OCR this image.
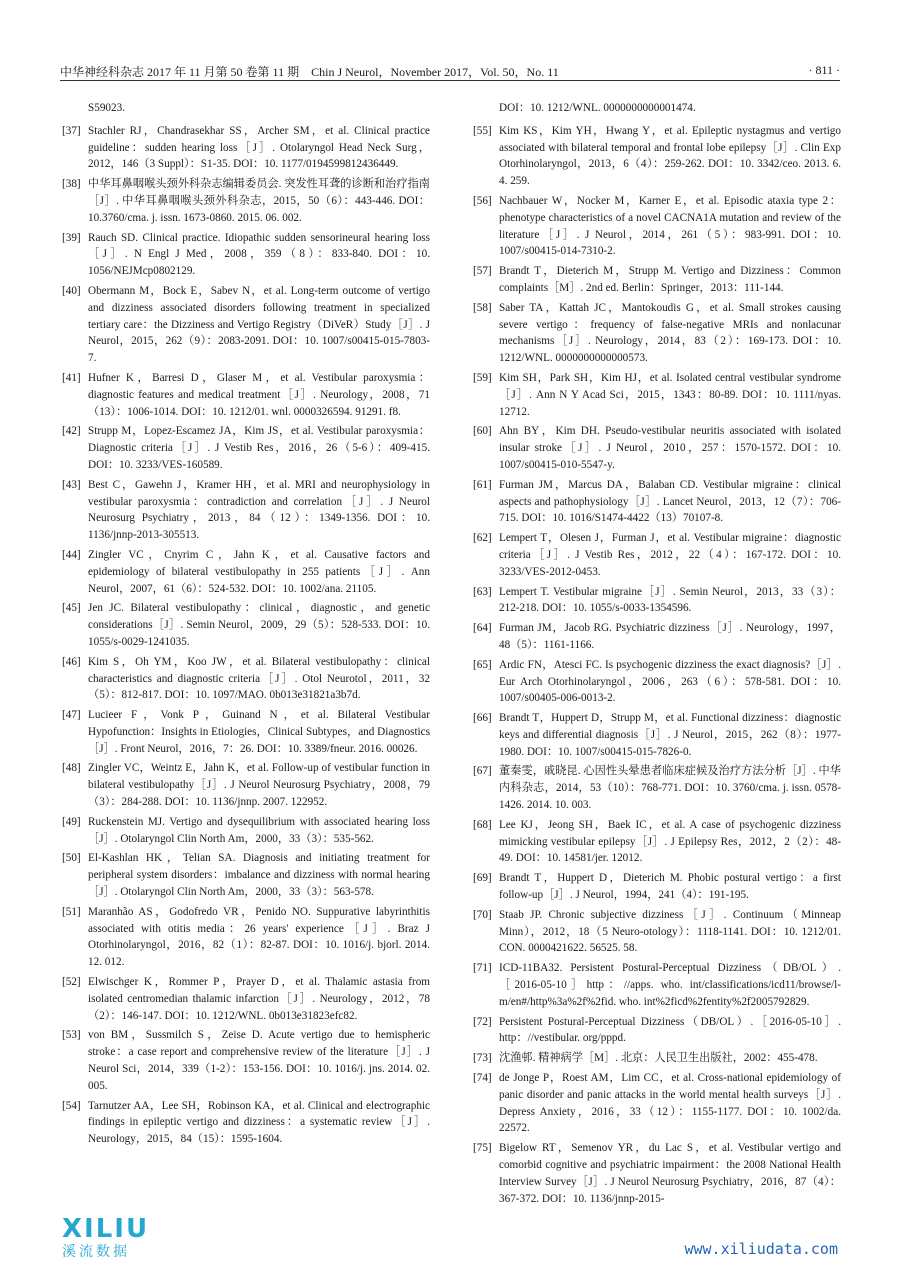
中华神经科杂志 2017 年 11 月第 50 卷第 11 期　Chin J Neurol，November 2017，Vol. 50，No. 11	· 811 ·
S59023.
[37] Stachler RJ，Chandrasekhar SS，Archer SM，et al. Clinical practice guideline：sudden hearing loss［J］. Otolaryngol Head Neck Surg，2012，146（3 Suppl）：S1-35. DOI：10. 1177/0194599812436449.
[38] 中华耳鼻咽喉头颈外科杂志编辑委员会. 突发性耳聋的诊断和治疗指南［J］. 中华耳鼻咽喉头颈外科杂志，2015，50（6）：443-446. DOI：10.3760/cma. j. issn. 1673-0860. 2015. 06. 002.
[39] Rauch SD. Clinical practice. Idiopathic sudden sensorineural hearing loss［J］. N Engl J Med，2008，359（8）：833-840. DOI：10. 1056/NEJMcp0802129.
[40] Obermann M，Bock E，Sabev N，et al. Long-term outcome of vertigo and dizziness associated disorders following treatment in specialized tertiary care：the Dizziness and Vertigo Registry（DiVeR）Study［J］. J Neurol，2015，262（9）：2083-2091. DOI：10. 1007/s00415-015-7803-7.
[41] Hufner K，Barresi D，Glaser M，et al. Vestibular paroxysmia：diagnostic features and medical treatment［J］. Neurology，2008，71（13）：1006-1014. DOI：10. 1212/01. wnl. 0000326594. 91291. f8.
[42] Strupp M，Lopez-Escamez JA，Kim JS，et al. Vestibular paroxysmia：Diagnostic criteria［J］. J Vestib Res，2016，26（5-6）：409-415. DOI：10. 3233/VES-160589.
[43] Best C，Gawehn J，Kramer HH，et al. MRI and neurophysiology in vestibular paroxysmia：contradiction and correlation［J］. J Neurol Neurosurg Psychiatry，2013，84（12）：1349-1356. DOI：10. 1136/jnnp-2013-305513.
[44] Zingler VC，Cnyrim C，Jahn K，et al. Causative factors and epidemiology of bilateral vestibulopathy in 255 patients［J］. Ann Neurol，2007，61（6）：524-532. DOI：10. 1002/ana. 21105.
[45] Jen JC. Bilateral vestibulopathy：clinical，diagnostic，and genetic considerations［J］. Semin Neurol，2009，29（5）：528-533. DOI：10. 1055/s-0029-1241035.
[46] Kim S，Oh YM，Koo JW，et al. Bilateral vestibulopathy：clinical characteristics and diagnostic criteria［J］. Otol Neurotol，2011，32（5）：812-817. DOI：10. 1097/MAO. 0b013e31821a3b7d.
[47] Lucieer F，Vonk P，Guinand N，et al. Bilateral Vestibular Hypofunction：Insights in Etiologies，Clinical Subtypes，and Diagnostics［J］. Front Neurol，2016，7：26. DOI：10. 3389/fneur. 2016. 00026.
[48] Zingler VC，Weintz E，Jahn K，et al. Follow-up of vestibular function in bilateral vestibulopathy［J］. J Neurol Neurosurg Psychiatry，2008，79（3）：284-288. DOI：10. 1136/jnnp. 2007. 122952.
[49] Ruckenstein MJ. Vertigo and dysequilibrium with associated hearing loss［J］. Otolaryngol Clin North Am，2000，33（3）：535-562.
[50] El-Kashlan HK，Telian SA. Diagnosis and initiating treatment for peripheral system disorders：imbalance and dizziness with normal hearing［J］. Otolaryngol Clin North Am，2000，33（3）：563-578.
[51] Maranhão AS，Godofredo VR，Penido NO. Suppurative labyrinthitis associated with otitis media：26 years' experience［J］. Braz J Otorhinolaryngol，2016，82（1）：82-87. DOI：10. 1016/j. bjorl. 2014. 12. 012.
[52] Elwischger K，Rommer P，Prayer D，et al. Thalamic astasia from isolated centromedian thalamic infarction［J］. Neurology，2012，78（2）：146-147. DOI：10. 1212/WNL. 0b013e31823efc82.
[53] von BM，Sussmilch S，Zeise D. Acute vertigo due to hemispheric stroke：a case report and comprehensive review of the literature［J］. J Neurol Sci，2014，339（1-2）：153-156. DOI：10. 1016/j. jns. 2014. 02. 005.
[54] Tarnutzer AA，Lee SH，Robinson KA，et al. Clinical and electrographic findings in epileptic vertigo and dizziness：a systematic review［J］. Neurology，2015，84（15）：1595-1604.
DOI：10. 1212/WNL. 0000000000001474.
[55] Kim KS，Kim YH，Hwang Y，et al. Epileptic nystagmus and vertigo associated with bilateral temporal and frontal lobe epilepsy［J］. Clin Exp Otorhinolaryngol，2013，6（4）：259-262. DOI：10. 3342/ceo. 2013. 6. 4. 259.
[56] Nachbauer W，Nocker M，Karner E，et al. Episodic ataxia type 2：phenotype characteristics of a novel CACNA1A mutation and review of the literature［J］. J Neurol，2014，261（5）：983-991. DOI：10. 1007/s00415-014-7310-2.
[57] Brandt T，Dieterich M，Strupp M. Vertigo and Dizziness：Common complaints［M］. 2nd ed. Berlin：Springer，2013：111-144.
[58] Saber TA，Kattah JC，Mantokoudis G，et al. Small strokes causing severe vertigo：frequency of false-negative MRIs and nonlacunar mechanisms［J］. Neurology，2014，83（2）：169-173. DOI：10. 1212/WNL. 0000000000000573.
[59] Kim SH，Park SH，Kim HJ，et al. Isolated central vestibular syndrome［J］. Ann N Y Acad Sci，2015，1343：80-89. DOI：10. 1111/nyas. 12712.
[60] Ahn BY，Kim DH. Pseudo-vestibular neuritis associated with isolated insular stroke［J］. J Neurol，2010，257：1570-1572. DOI：10. 1007/s00415-010-5547-y.
[61] Furman JM，Marcus DA，Balaban CD. Vestibular migraine：clinical aspects and pathophysiology［J］. Lancet Neurol，2013，12（7）：706-715. DOI：10. 1016/S1474-4422（13）70107-8.
[62] Lempert T，Olesen J，Furman J，et al. Vestibular migraine：diagnostic criteria［J］. J Vestib Res，2012，22（4）：167-172. DOI：10. 3233/VES-2012-0453.
[63] Lempert T. Vestibular migraine［J］. Semin Neurol，2013，33（3）：212-218. DOI：10. 1055/s-0033-1354596.
[64] Furman JM，Jacob RG. Psychiatric dizziness［J］. Neurology，1997，48（5）：1161-1166.
[65] Ardic FN，Atesci FC. Is psychogenic dizziness the exact diagnosis?［J］. Eur Arch Otorhinolaryngol，2006，263（6）：578-581. DOI：10. 1007/s00405-006-0013-2.
[66] Brandt T，Huppert D，Strupp M，et al. Functional dizziness：diagnostic keys and differential diagnosis［J］. J Neurol，2015，262（8）：1977-1980. DOI：10. 1007/s00415-015-7826-0.
[67] 董秦雯，戚晓昆. 心因性头晕患者临床症候及治疗方法分析［J］. 中华内科杂志，2014，53（10）：768-771. DOI：10. 3760/cma. j. issn. 0578-1426. 2014. 10. 003.
[68] Lee KJ，Jeong SH，Baek IC，et al. A case of psychogenic dizziness mimicking vestibular epilepsy［J］. J Epilepsy Res，2012，2（2）：48-49. DOI：10. 14581/jer. 12012.
[69] Brandt T，Huppert D，Dieterich M. Phobic postural vertigo：a first follow-up［J］. J Neurol，1994，241（4）：191-195.
[70] Staab JP. Chronic subjective dizziness［J］. Continuum（Minneap Minn），2012，18（5 Neuro-otology）：1118-1141. DOI：10. 1212/01. CON. 0000421622. 56525. 58.
[71] ICD-11BA32. Persistent Postural-Perceptual Dizziness（DB/OL）.［2016-05-10］http：//apps. who. int/classifications/icd11/browse/l-m/en#/http%3a%2f%2fid. who. int%2ficd%2fentity%2f2005792829.
[72] Persistent Postural-Perceptual Dizziness（DB/OL）.［2016-05-10］. http：//vestibular. org/pppd.
[73] 沈渔邨. 精神病学［M］. 北京：人民卫生出版社，2002：455-478.
[74] de Jonge P，Roest AM，Lim CC，et al. Cross-national epidemiology of panic disorder and panic attacks in the world mental health surveys［J］. Depress Anxiety，2016，33（12）：1155-1177. DOI：10. 1002/da. 22572.
[75] Bigelow RT，Semenov YR，du Lac S，et al. Vestibular vertigo and comorbid cognitive and psychiatric impairment：the 2008 National Health Interview Survey［J］. J Neurol Neurosurg Psychiatry，2016，87（4）：367-372. DOI：10. 1136/jnnp-2015-
XILIU
溪流数据	www.xiliudata.com
